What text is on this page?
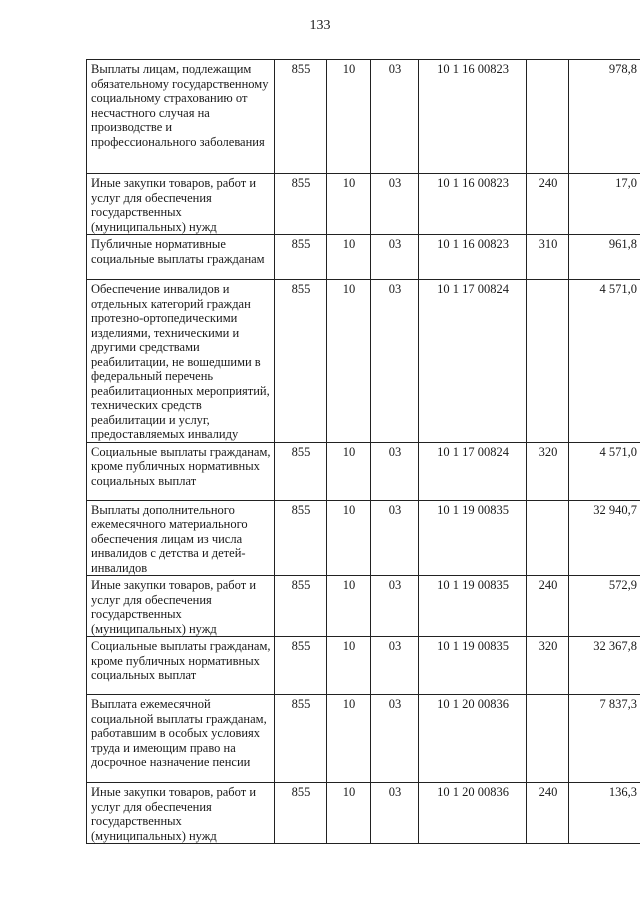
133
Выплаты лицам, подлежащим обязательному государственному социальному страхованию от несчастного случая на производстве и профессионального заболевания	855	10	03	10 1 16 00823		978,8
Иные закупки товаров, работ и услуг для обеспечения государственных (муниципальных) нужд	855	10	03	10 1 16 00823	240	17,0
Публичные нормативные социальные выплаты гражданам	855	10	03	10 1 16 00823	310	961,8
Обеспечение инвалидов и отдельных категорий граждан протезно-ортопедическими изделиями, техническими и другими средствами реабилитации, не вошедшими в федеральный перечень реабилитационных мероприятий, технических средств реабилитации и услуг, предоставляемых инвалиду	855	10	03	10 1 17 00824		4 571,0
Социальные выплаты гражданам, кроме публичных нормативных социальных выплат	855	10	03	10 1 17 00824	320	4 571,0
Выплаты дополнительного ежемесячного материального обеспечения лицам из числа инвалидов с детства и детей-инвалидов	855	10	03	10 1 19 00835		32 940,7
Иные закупки товаров, работ и услуг для обеспечения государственных (муниципальных) нужд	855	10	03	10 1 19 00835	240	572,9
Социальные выплаты гражданам, кроме публичных нормативных социальных выплат	855	10	03	10 1 19 00835	320	32 367,8
Выплата ежемесячной социальной выплаты гражданам, работавшим в особых условиях труда и имеющим право на досрочное назначение пенсии	855	10	03	10 1 20 00836		7 837,3
Иные закупки товаров, работ и услуг для обеспечения государственных (муниципальных) нужд	855	10	03	10 1 20 00836	240	136,3
